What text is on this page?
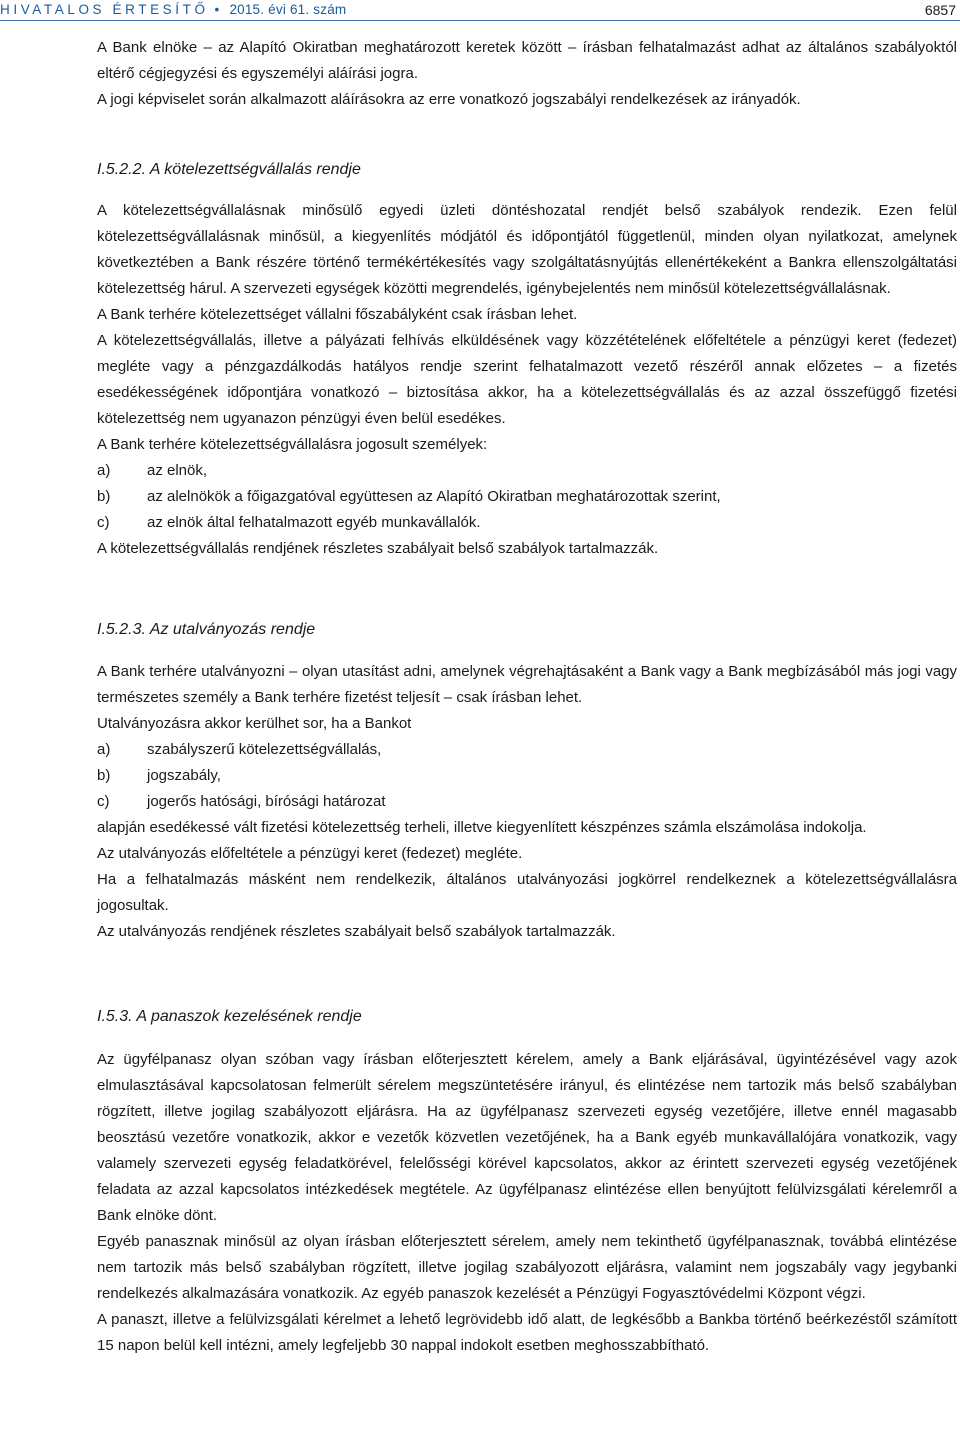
HIVATALOS ÉRTESÍTŐ • 2015. évi 61. szám	6857

A Bank elnöke – az Alapító Okiratban meghatározott keretek között – írásban felhatalmazást adhat az általános szabályoktól eltérő cégjegyzési és egyszemélyi aláírási jogra.

A jogi képviselet során alkalmazott aláírásokra az erre vonatkozó jogszabályi rendelkezések az irányadók.

I.5.2.2. A kötelezettségvállalás rendje

A kötelezettségvállalásnak minősülő egyedi üzleti döntéshozatal rendjét belső szabályok rendezik. Ezen felül kötelezettségvállalásnak minősül, a kiegyenlítés módjától és időpontjától függetlenül, minden olyan nyilatkozat, amelynek következtében a Bank részére történő termékértékesítés vagy szolgáltatásnyújtás ellenértékeként a Bankra ellenszolgáltatási kötelezettség hárul. A szervezeti egységek közötti megrendelés, igénybejelentés nem minősül kötelezettségvállalásnak.

A Bank terhére kötelezettséget vállalni főszabályként csak írásban lehet.

A kötelezettségvállalás, illetve a pályázati felhívás elküldésének vagy közzétételének előfeltétele a pénzügyi keret (fedezet) megléte vagy a pénzgazdálkodás hatályos rendje szerint felhatalmazott vezető részéről annak előzetes – a fizetés esedékességének időpontjára vonatkozó – biztosítása akkor, ha a kötelezettségvállalás és az azzal összefüggő fizetési kötelezettség nem ugyanazon pénzügyi éven belül esedékes.

A Bank terhére kötelezettségvállalásra jogosult személyek:

a)	az elnök,
b)	az alelnökök a főigazgatóval együttesen az Alapító Okiratban meghatározottak szerint,
c)	az elnök által felhatalmazott egyéb munkavállalók.

A kötelezettségvállalás rendjének részletes szabályait belső szabályok tartalmazzák.

I.5.2.3. Az utalványozás rendje

A Bank terhére utalványozni – olyan utasítást adni, amelynek végrehajtásaként a Bank vagy a Bank megbízásából más jogi vagy természetes személy a Bank terhére fizetést teljesít – csak írásban lehet.

Utalványozásra akkor kerülhet sor, ha a Bankot

a)	szabályszerű kötelezettségvállalás,
b)	jogszabály,
c)	jogerős hatósági, bírósági határozat

alapján esedékessé vált fizetési kötelezettség terheli, illetve kiegyenlített készpénzes számla elszámolása indokolja.

Az utalványozás előfeltétele a pénzügyi keret (fedezet) megléte.

Ha a felhatalmazás másként nem rendelkezik, általános utalványozási jogkörrel rendelkeznek a kötelezettségvállalásra jogosultak.

Az utalványozás rendjének részletes szabályait belső szabályok tartalmazzák.

I.5.3. A panaszok kezelésének rendje

Az ügyfélpanasz olyan szóban vagy írásban előterjesztett kérelem, amely a Bank eljárásával, ügyintézésével vagy azok elmulasztásával kapcsolatosan felmerült sérelem megszüntetésére irányul, és elintézése nem tartozik más belső szabályban rögzített, illetve jogilag szabályozott eljárásra. Ha az ügyfélpanasz szervezeti egység vezetőjére, illetve ennél magasabb beosztású vezetőre vonatkozik, akkor e vezetők közvetlen vezetőjének, ha a Bank egyéb munkavállalójára vonatkozik, vagy valamely szervezeti egység feladatkörével, felelősségi körével kapcsolatos, akkor az érintett szervezeti egység vezetőjének feladata az azzal kapcsolatos intézkedések megtétele. Az ügyfélpanasz elintézése ellen benyújtott felülvizsgálati kérelemről a Bank elnöke dönt.

Egyéb panasznak minősül az olyan írásban előterjesztett sérelem, amely nem tekinthető ügyfélpanasznak, továbbá elintézése nem tartozik más belső szabályban rögzített, illetve jogilag szabályozott eljárásra, valamint nem jogszabály vagy jegybanki rendelkezés alkalmazására vonatkozik. Az egyéb panaszok kezelését a Pénzügyi Fogyasztóvédelmi Központ végzi.

A panaszt, illetve a felülvizsgálati kérelmet a lehető legrövidebb idő alatt, de legkésőbb a Bankba történő beérkezéstől számított 15 napon belül kell intézni, amely legfeljebb 30 nappal indokolt esetben meghosszabbítható.
